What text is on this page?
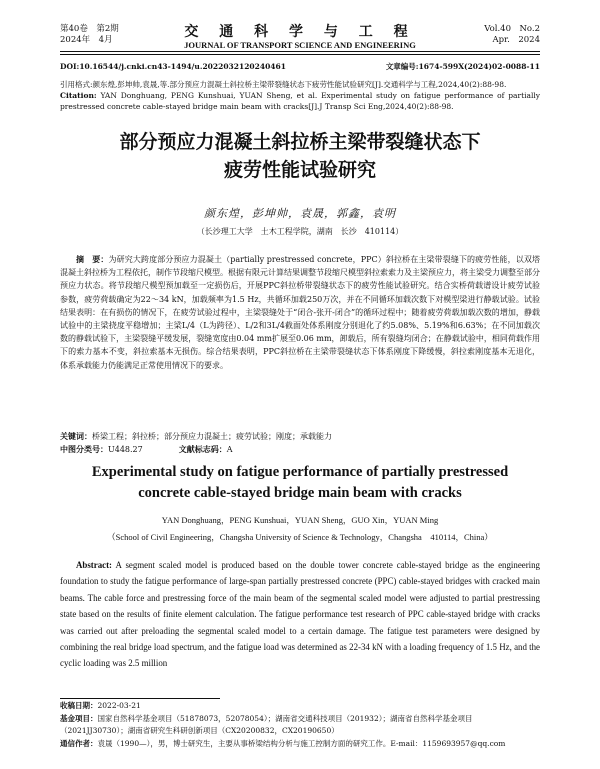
第40卷　第2期
2024年　4月	交 通 科 学 与 工 程
JOURNAL OF TRANSPORT SCIENCE AND ENGINEERING
Vol.40　No.2
Apr.　2024
DOI:10.16544/j.cnki.cn43-1494/u.2022032120240461	文章编号:1674-599X(2024)02-0088-11
引用格式:颜东煌,彭坤帅,袁晟,等.部分预应力混凝土斜拉桥主梁带裂缝状态下疲劳性能试验研究[J].交通科学与工程,2024,40(2):88-98.
Citation: YAN Donghuang, PENG Kunshuai, YUAN Sheng, et al. Experimental study on fatigue performance of partially prestressed concrete cable-stayed bridge main beam with cracks[J].J Transp Sci Eng,2024,40(2):88-98.
部分预应力混凝土斜拉桥主梁带裂缝状态下
疲劳性能试验研究
颜东煌，彭坤帅，袁晟，郭鑫，袁明
（长沙理工大学　土木工程学院，湖南　长沙　410114）
摘　要：为研究大跨度部分预应力混凝土（partially prestressed concrete，PPC）斜拉桥在主梁带裂缝下的疲劳性能，以双塔混凝土斜拉桥为工程依托，制作节段缩尺模型。根据有限元计算结果调整节段缩尺模型斜拉索索力及主梁预应力，将主梁受力调整至部分预应力状态。将节段缩尺模型预加载至一定损伤后，开展PPC斜拉桥带裂缝状态下的疲劳性能试验研究。结合实桥荷载谱设计疲劳试验参数，疲劳荷载确定为22～34 kN，加载频率为1.5 Hz，共循环加载250万次，并在不同循环加载次数下对模型梁进行静载试验。试验结果表明：在有损伤的情况下，在疲劳试验过程中，主梁裂缝处于“闭合-张开-闭合”的循环过程中；随着疲劳荷载加载次数的增加，静载试验中的主梁挠度平稳增加；主梁L/4（L为跨径）、L/2和3L/4截面处体系刚度分别退化了约5.08%、5.19%和6.63%；在不同加载次数的静载试验下，主梁裂缝平缓发展，裂缝宽度由0.04 mm扩展至0.06 mm，卸载后，所有裂缝均闭合；在静载试验中，相同荷载作用下的索力基本不变，斜拉索基本无损伤。综合结果表明，PPC斜拉桥在主梁带裂缝状态下体系刚度下降缓慢，斜拉索刚度基本无退化，体系承载能力仍能满足正常使用情况下的要求。
关键词：桥梁工程；斜拉桥；部分预应力混凝土；疲劳试验；刚度；承载能力
中图分类号：U448.27	文献标志码：A
Experimental study on fatigue performance of partially prestressed
concrete cable-stayed bridge main beam with cracks
YAN Donghuang，PENG Kunshuai，YUAN Sheng，GUO Xin，YUAN Ming
（School of Civil Engineering，Changsha University of Science & Technology，Changsha　410114，China）
Abstract: A segment scaled model is produced based on the double tower concrete cable-stayed bridge as the engineering foundation to study the fatigue performance of large-span partially prestressed concrete (PPC) cable-stayed bridges with cracked main beams. The cable force and prestressing force of the main beam of the segmental scaled model were adjusted to partial prestressing state based on the results of finite element calculation. The fatigue performance test research of PPC cable-stayed bridge with cracks was carried out after preloading the segmental scaled model to a certain damage. The fatigue test parameters were designed by combining the real bridge load spectrum, and the fatigue load was determined as 22-34 kN with a loading frequency of 1.5 Hz, and the cyclic loading was 2.5 million
收稿日期：2022-03-21
基金项目：国家自然科学基金项目（51878073，52078054）；湖南省交通科技项目（201932）；湖南省自然科学基金项目（2021JJ30730）；湖南省研究生科研创新项目（CX20200832，CX20190650）
通信作者：袁晟（1990—），男，博士研究生，主要从事桥梁结构分析与施工控制方面的研究工作。E-mail：1159693957@qq.com
